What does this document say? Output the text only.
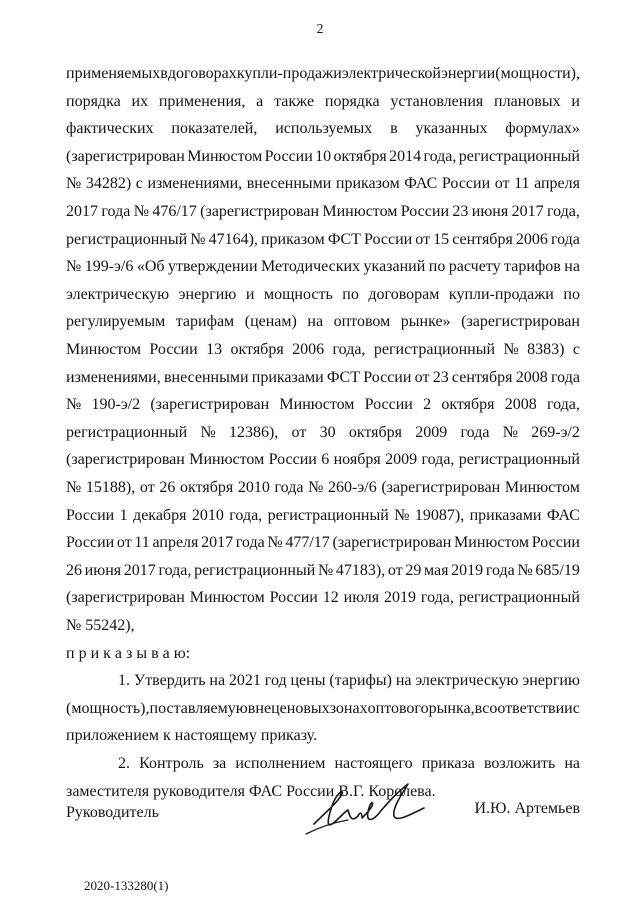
2
применяемых в договорах купли-продажи электрической энергии (мощности),
порядка их применения, а также порядка установления плановых и
фактических показателей, используемых в указанных формулах»
(зарегистрирован Минюстом России 10 октября 2014 года, регистрационный
№ 34282) с изменениями, внесенными приказом ФАС России от 11 апреля
2017 года № 476/17 (зарегистрирован Минюстом России 23 июня 2017 года,
регистрационный № 47164), приказом ФСТ России от 15 сентября 2006 года
№ 199-э/6 «Об утверждении Методических указаний по расчету тарифов на
электрическую энергию и мощность по договорам купли-продажи по
регулируемым тарифам (ценам) на оптовом рынке» (зарегистрирован
Минюстом России 13 октября 2006 года, регистрационный № 8383) с
изменениями, внесенными приказами ФСТ России от 23 сентября 2008 года
№ 190-э/2 (зарегистрирован Минюстом России 2 октября 2008 года,
регистрационный № 12386), от 30 октября 2009 года № 269-э/2
(зарегистрирован Минюстом России 6 ноября 2009 года, регистрационный
№ 15188), от 26 октября 2010 года № 260-э/6 (зарегистрирован Минюстом
России 1 декабря 2010 года, регистрационный № 19087), приказами ФАС
России от 11 апреля 2017 года № 477/17 (зарегистрирован Минюстом России
26 июня 2017 года, регистрационный № 47183), от 29 мая 2019 года № 685/19
(зарегистрирован Минюстом России 12 июля 2019 года, регистрационный
№ 55242),
п р и к а з ы в а ю:
1. Утвердить на 2021 год цены (тарифы) на электрическую энергию
(мощность), поставляемую в неценовых зонах оптового рынка, в соответствии с
приложением к настоящему приказу.
2. Контроль за исполнением настоящего приказа возложить на
заместителя руководителя ФАС России В.Г. Королева.
Руководитель	И.Ю. Артемьев
2020-133280(1)
